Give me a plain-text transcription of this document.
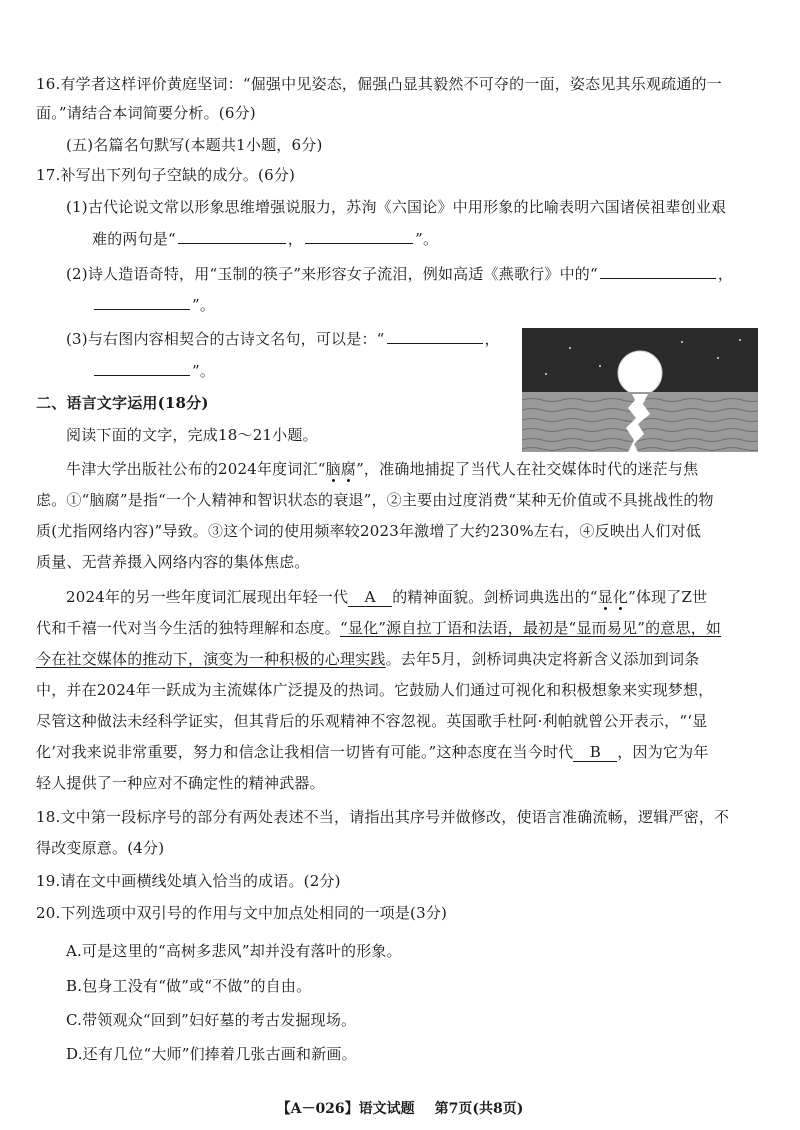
16.有学者这样评价黄庭坚词：“倔强中见姿态，倔强凸显其毅然不可夺的一面，姿态见其乐观疏通的一
面。”请结合本词简要分析。(6分)
(五)名篇名句默写(本题共1小题，6分)
17.补写出下列句子空缺的成分。(6分)
(1)古代论说文常以形象思维增强说服力，苏洵《六国论》中用形象的比喻表明六国诸侯祖辈创业艰
难的两句是“	，	”。
(2)诗人造语奇特，用“玉制的筷子”来形容女子流泪，例如高适《燕歌行》中的“	，
”。
(3)与右图内容相契合的古诗文名句，可以是：“	，
”。
二、语言文字运用(18分)
阅读下面的文字，完成18～21小题。
牛津大学出版社公布的2024年度词汇“脑腐”，准确地捕捉了当代人在社交媒体时代的迷茫与焦
虑。①“脑腐”是指“一个人精神和智识状态的衰退”，②主要由过度消费“某种无价值或不具挑战性的物
质(尤指网络内容)”导致。③这个词的使用频率较2023年激增了大约230%左右，④反映出人们对低
质量、无营养摄入网络内容的集体焦虑。
2024年的另一些年度词汇展现出年轻一代 A 的精神面貌。剑桥词典选出的“显化”体现了Z世
代和千禧一代对当今生活的独特理解和态度。“显化”源自拉丁语和法语，最初是“显而易见”的意思，如
今在社交媒体的推动下，演变为一种积极的心理实践。去年5月，剑桥词典决定将新含义添加到词条
中，并在2024年一跃成为主流媒体广泛提及的热词。它鼓励人们通过可视化和积极想象来实现梦想，
尽管这种做法未经科学证实，但其背后的乐观精神不容忽视。英国歌手杜阿·利帕就曾公开表示，“‘显
化’对我来说非常重要，努力和信念让我相信一切皆有可能。”这种态度在当今时代 B ，因为它为年
轻人提供了一种应对不确定性的精神武器。
18.文中第一段标序号的部分有两处表述不当，请指出其序号并做修改，使语言准确流畅，逻辑严密，不
得改变原意。(4分)
19.请在文中画横线处填入恰当的成语。(2分)
20.下列选项中双引号的作用与文中加点处相同的一项是(3分)
A.可是这里的“高树多悲风”却并没有落叶的形象。
B.包身工没有“做”或“不做”的自由。
C.带领观众“回到”妇好墓的考古发掘现场。
D.还有几位“大师”们捧着几张古画和新画。
【A－026】语文试题 第7页(共8页)
